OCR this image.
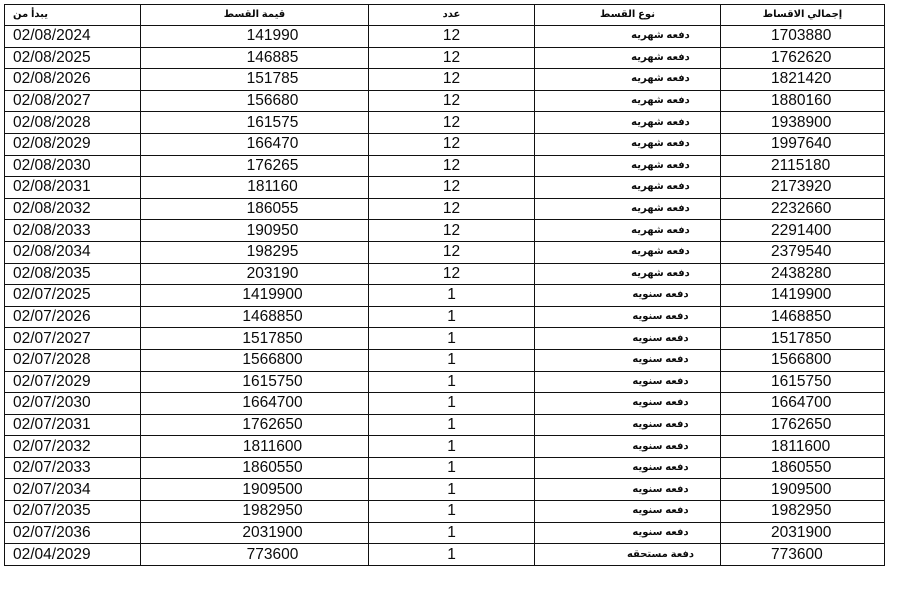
يبدأ من	قيمة القسط	عدد	نوع القسط	إجمالي الاقساط
02/08/2024	141990	12	دفعه شهريه	1703880
02/08/2025	146885	12	دفعه شهريه	1762620
02/08/2026	151785	12	دفعه شهريه	1821420
02/08/2027	156680	12	دفعه شهريه	1880160
02/08/2028	161575	12	دفعه شهريه	1938900
02/08/2029	166470	12	دفعه شهريه	1997640
02/08/2030	176265	12	دفعه شهريه	2115180
02/08/2031	181160	12	دفعه شهريه	2173920
02/08/2032	186055	12	دفعه شهريه	2232660
02/08/2033	190950	12	دفعه شهريه	2291400
02/08/2034	198295	12	دفعه شهريه	2379540
02/08/2035	203190	12	دفعه شهريه	2438280
02/07/2025	1419900	1	دفعه سنويه	1419900
02/07/2026	1468850	1	دفعه سنويه	1468850
02/07/2027	1517850	1	دفعه سنويه	1517850
02/07/2028	1566800	1	دفعه سنويه	1566800
02/07/2029	1615750	1	دفعه سنويه	1615750
02/07/2030	1664700	1	دفعه سنويه	1664700
02/07/2031	1762650	1	دفعه سنويه	1762650
02/07/2032	1811600	1	دفعه سنويه	1811600
02/07/2033	1860550	1	دفعه سنويه	1860550
02/07/2034	1909500	1	دفعه سنويه	1909500
02/07/2035	1982950	1	دفعه سنويه	1982950
02/07/2036	2031900	1	دفعه سنويه	2031900
02/04/2029	773600	1	دفعة مستحقه	773600
